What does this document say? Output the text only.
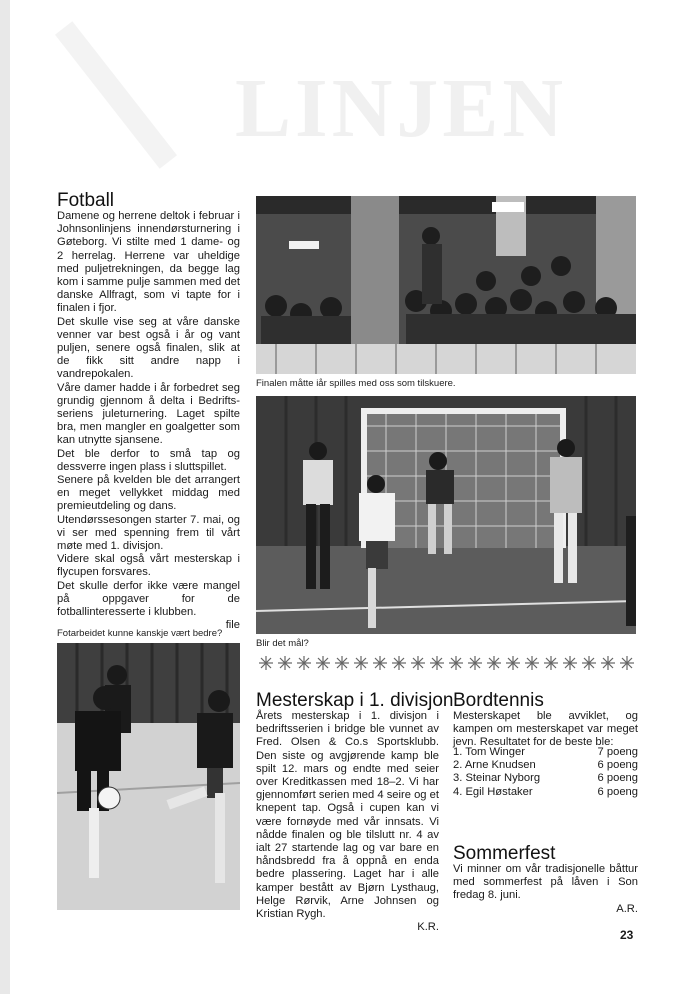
LINJEN
Fotball

Damene og herrene deltok i februar i Johnsonlinjens innendørsturnering i Gøteborg. Vi stilte med 1 dame- og 2 herrelag. Herrene var uheldige med puljetrekningen, da begge lag kom i samme pulje sammen med det danske Allfragt, som vi tapte for i finalen i fjor.

Det skulle vise seg at våre danske venner var best også i år og vant puljen, senere også finalen, slik at de fikk sitt andre napp i vandrepokalen.

Våre damer hadde i år forbedret seg grundig gjennom å delta i Bedrifts-seriens juleturnering. Laget spilte bra, men mangler en goalgetter som kan utnytte sjansene.

Det ble derfor to små tap og dessverre ingen plass i sluttspillet.

Senere på kvelden ble det arrangert en meget vellykket middag med premieutdeling og dans.

Utendørssesongen starter 7. mai, og vi ser med spenning frem til vårt møte med 1. divisjon.

Videre skal også vårt mesterskap i flycupen forsvares.

Det skulle derfor ikke være mangel på oppgaver for de fotballinteresserte i klubben.

file

Finalen måtte iår spilles med oss som tilskuere.
Blir det mål?
Fotarbeidet kunne kanskje vært bedre?
Mesterskap i 1. divisjon

Årets mesterskap i 1. divisjon i bedriftsserien i bridge ble vunnet av Fred. Olsen & Co.s Sportsklubb. Den siste og avgjørende kamp ble spilt 12. mars og endte med seier over Kreditkassen med 18–2. Vi har gjennomført serien med 4 seire og et knepent tap. Også i cupen kan vi være fornøyde med vår innsats. Vi nådde finalen og ble tilslutt nr. 4 av ialt 27 startende lag og var bare en håndsbredd fra å oppnå en enda bedre plassering. Laget har i alle kamper bestått av Bjørn Lysthaug, Helge Rørvik, Arne Johnsen og Kristian Rygh.

K.R.

Bordtennis
Mesterskapet ble avviklet, og kampen om mesterskapet var meget jevn. Resultatet for de beste ble:
1. Tom Winger	7 poeng
2. Arne Knudsen	6 poeng
3. Steinar Nyborg	6 poeng
4. Egil Høstaker	6 poeng
Sommerfest

Vi minner om vår tradisjonelle båttur med sommerfest på låven i Son fredag 8. juni.

A.R.

23
